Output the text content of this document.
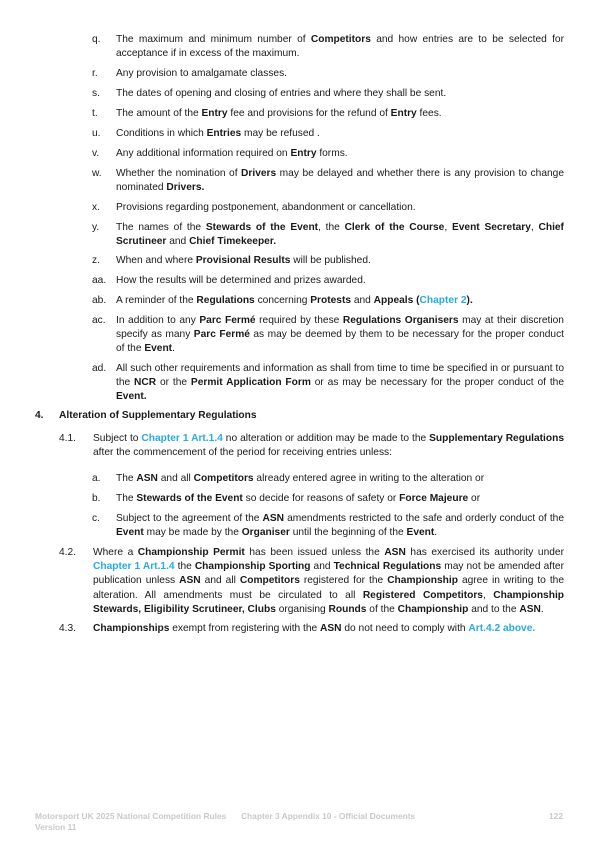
q. The maximum and minimum number of Competitors and how entries are to be selected for acceptance if in excess of the maximum.
r. Any provision to amalgamate classes.
s. The dates of opening and closing of entries and where they shall be sent.
t. The amount of the Entry fee and provisions for the refund of Entry fees.
u. Conditions in which Entries may be refused .
v. Any additional information required on Entry forms.
w. Whether the nomination of Drivers may be delayed and whether there is any provision to change nominated Drivers.
x. Provisions regarding postponement, abandonment or cancellation.
y. The names of the Stewards of the Event, the Clerk of the Course, Event Secretary, Chief Scrutineer and Chief Timekeeper.
z. When and where Provisional Results will be published.
aa. How the results will be determined and prizes awarded.
ab. A reminder of the Regulations concerning Protests and Appeals (Chapter 2).
ac. In addition to any Parc Fermé required by these Regulations Organisers may at their discretion specify as many Parc Fermé as may be deemed by them to be necessary for the proper conduct of the Event.
ad. All such other requirements and information as shall from time to time be specified in or pursuant to the NCR or the Permit Application Form or as may be necessary for the proper conduct of the Event.
4. Alteration of Supplementary Regulations
4.1. Subject to Chapter 1 Art.1.4 no alteration or addition may be made to the Supplementary Regulations after the commencement of the period for receiving entries unless:
a. The ASN and all Competitors already entered agree in writing to the alteration or
b. The Stewards of the Event so decide for reasons of safety or Force Majeure or
c. Subject to the agreement of the ASN amendments restricted to the safe and orderly conduct of the Event may be made by the Organiser until the beginning of the Event.
4.2. Where a Championship Permit has been issued unless the ASN has exercised its authority under Chapter 1 Art.1.4 the Championship Sporting and Technical Regulations may not be amended after publication unless ASN and all Competitors registered for the Championship agree in writing to the alteration. All amendments must be circulated to all Registered Competitors, Championship Stewards, Eligibility Scrutineer, Clubs organising Rounds of the Championship and to the ASN.
4.3. Championships exempt from registering with the ASN do not need to comply with Art.4.2 above.
Motorsport UK 2025 National Competition Rules
Version 11
Chapter 3 Appendix 10 - Official Documents	122
